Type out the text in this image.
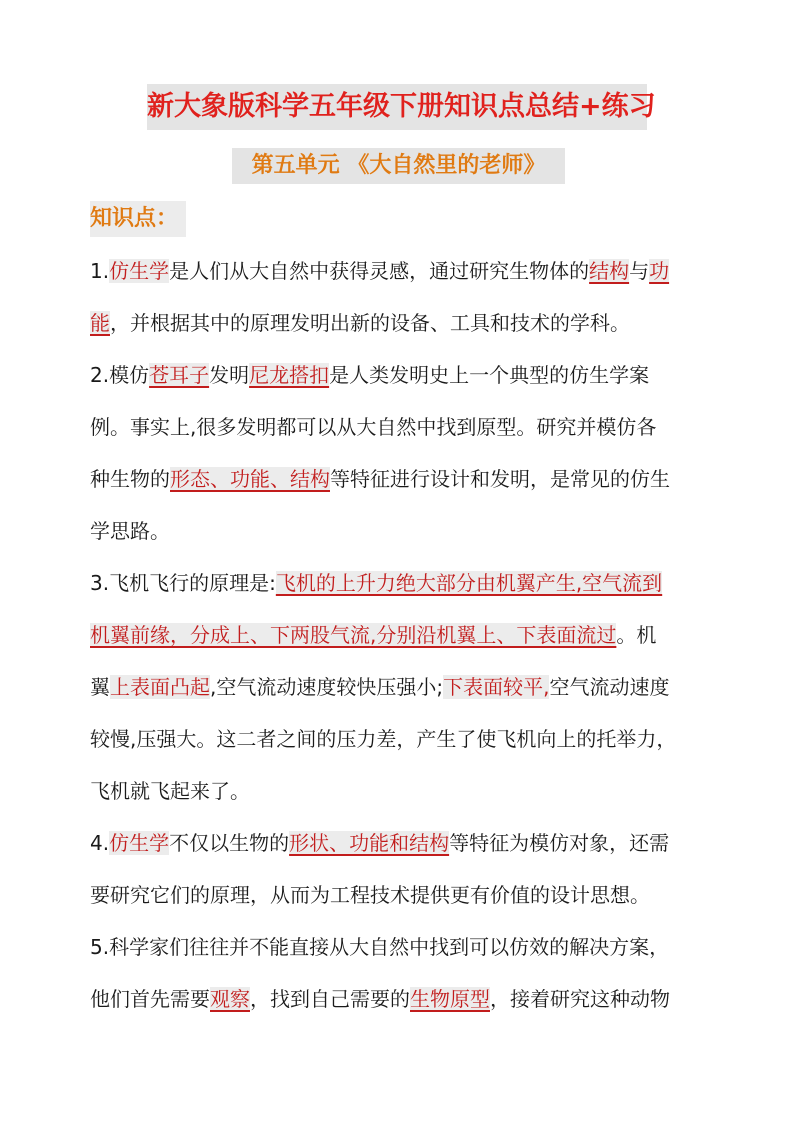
新大象版科学五年级下册知识点总结+练习
第五单元 《大自然里的老师》
知识点：
1.仿生学是人们从大自然中获得灵感，通过研究生物体的结构与功
能，并根据其中的原理发明出新的设备、工具和技术的学科。
2.模仿苍耳子发明尼龙搭扣是人类发明史上一个典型的仿生学案
例。事实上,很多发明都可以从大自然中找到原型。研究并模仿各
种生物的形态、功能、结构等特征进行设计和发明，是常见的仿生
学思路。
3.飞机飞行的原理是:飞机的上升力绝大部分由机翼产生,空气流到
机翼前缘，分成上、下两股气流,分别沿机翼上、下表面流过。机
翼上表面凸起,空气流动速度较快压强小;下表面较平,空气流动速度
较慢,压强大。这二者之间的压力差，产生了使飞机向上的托举力，
飞机就飞起来了。
4.仿生学不仅以生物的形状、功能和结构等特征为模仿对象，还需
要研究它们的原理，从而为工程技术提供更有价值的设计思想。
5.科学家们往往并不能直接从大自然中找到可以仿效的解决方案，
他们首先需要观察，找到自己需要的生物原型，接着研究这种动物
